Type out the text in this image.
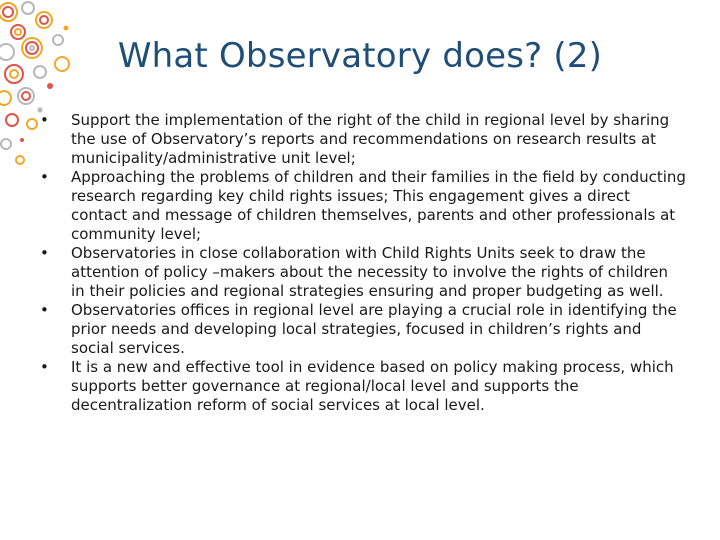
What Observatory does? (2)
•	Support the implementation of the right of the child in regional level by sharing the use of Observatory’s reports and recommendations on research results at municipality/administrative unit level;
•	Approaching the problems of children and their families in the field by conducting research regarding key child rights issues; This engagement gives a direct contact and message of children themselves, parents and other professionals at community level;
•	Observatories in close collaboration with Child Rights Units seek to draw the attention of policy –makers about the necessity to involve the rights of children in their policies and regional strategies ensuring and proper budgeting as well.
•	Observatories offices in regional level are playing a crucial role in identifying the prior needs and developing local strategies, focused in children’s rights and social services.
•	It is a new and effective tool in evidence based on policy making process, which supports better governance at regional/local level and supports the decentralization reform of social services at local level.
